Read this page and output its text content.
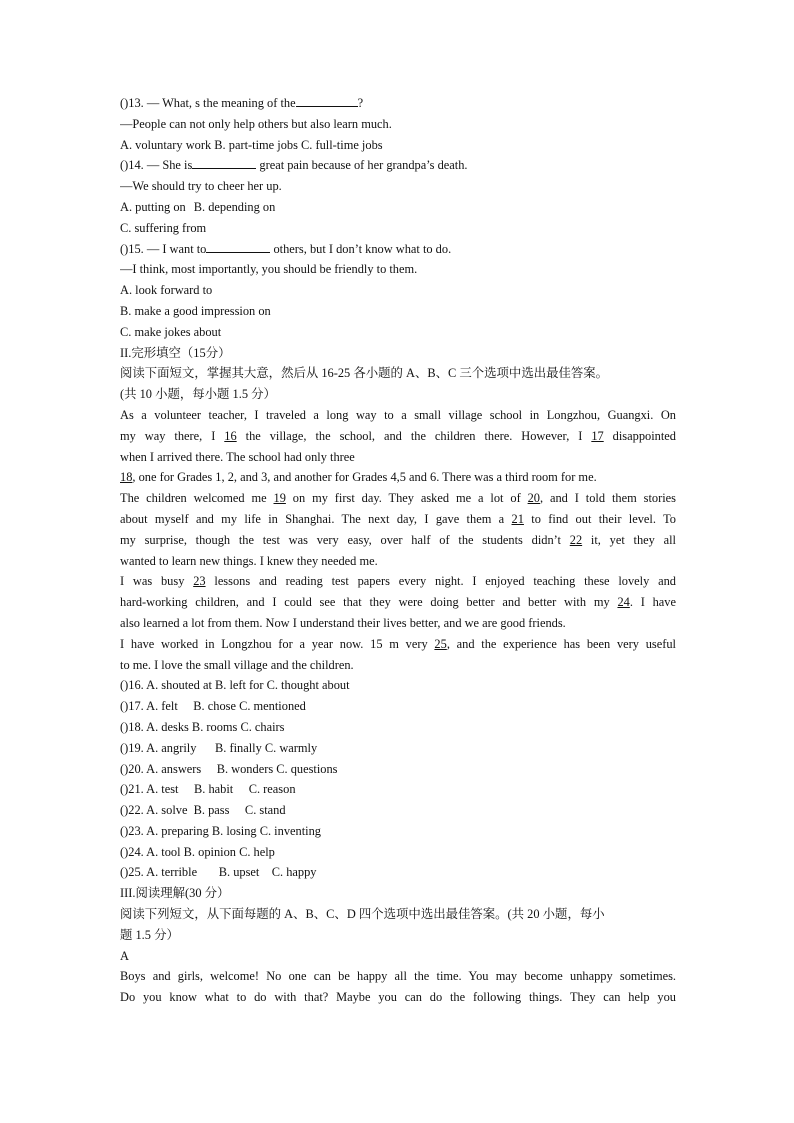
()13. — What, s the meaning of the	?
—People can not only help others but also learn much.
A. voluntary work B. part-time jobs C. full-time jobs
()14. — She is	great pain because of her grandpa’s death.
—We should try to cheer her up.
A. putting on B. depending on
C. suffering from
()15. — I want to	others, but I don’t know what to do.
—I think, most importantly, you should be friendly to them.
A. look forward to
B. make a good impression on
C. make jokes about
II.完形填空（15分）
阅读下面短文，掌握其大意，然后从 16-25 各小题的 A、B、C 三个选项中选出最佳答案。
(共 10 小题，每小题 1.5 分）
As a volunteer teacher, I traveled a long way to a small village school in Longzhou, Guangxi. On
my way there, I 16 the village, the school, and the children there. However, I 17 disappointed
when I arrived there. The school had only three
18, one for Grades 1, 2, and 3, and another for Grades 4,5 and 6. There was a third room for me.
The children welcomed me 19 on my first day. They asked me a lot of 20, and I told them stories
about myself and my life in Shanghai. The next day, I gave them a 21 to find out their level. To
my surprise, though the test was very easy, over half of the students didn’t 22 it, yet they all
wanted to learn new things. I knew they needed me.
I was busy 23 lessons and reading test papers every night. I enjoyed teaching these lovely and
hard-working children, and I could see that they were doing better and better with my 24. I have
also learned a lot from them. Now I understand their lives better, and we are good friends.
I have worked in Longzhou for a year now. 15 m very 25, and the experience has been very useful
to me. I love the small village and the children.
()16. A. shouted at B. left for C. thought about
()17. A. felt     B. chose C. mentioned
()18. A. desks B. rooms C. chairs
()19. A. angrily      B. finally C. warmly
()20. A. answers     B. wonders C. questions
()21. A. test     B. habit     C. reason
()22. A. solve  B. pass     C. stand
()23. A. preparing B. losing C. inventing
()24. A. tool B. opinion C. help
()25. A. terrible       B. upset    C. happy
III.阅读理解(30 分）
阅读下列短文，从下面每题的 A、B、C、D 四个选项中选出最佳答案。(共 20 小题，每小
题 1.5 分）
A
Boys and girls, welcome! No one can be happy all the time. You may become unhappy sometimes.
Do you know what to do with that? Maybe you can do the following things. They can help you
